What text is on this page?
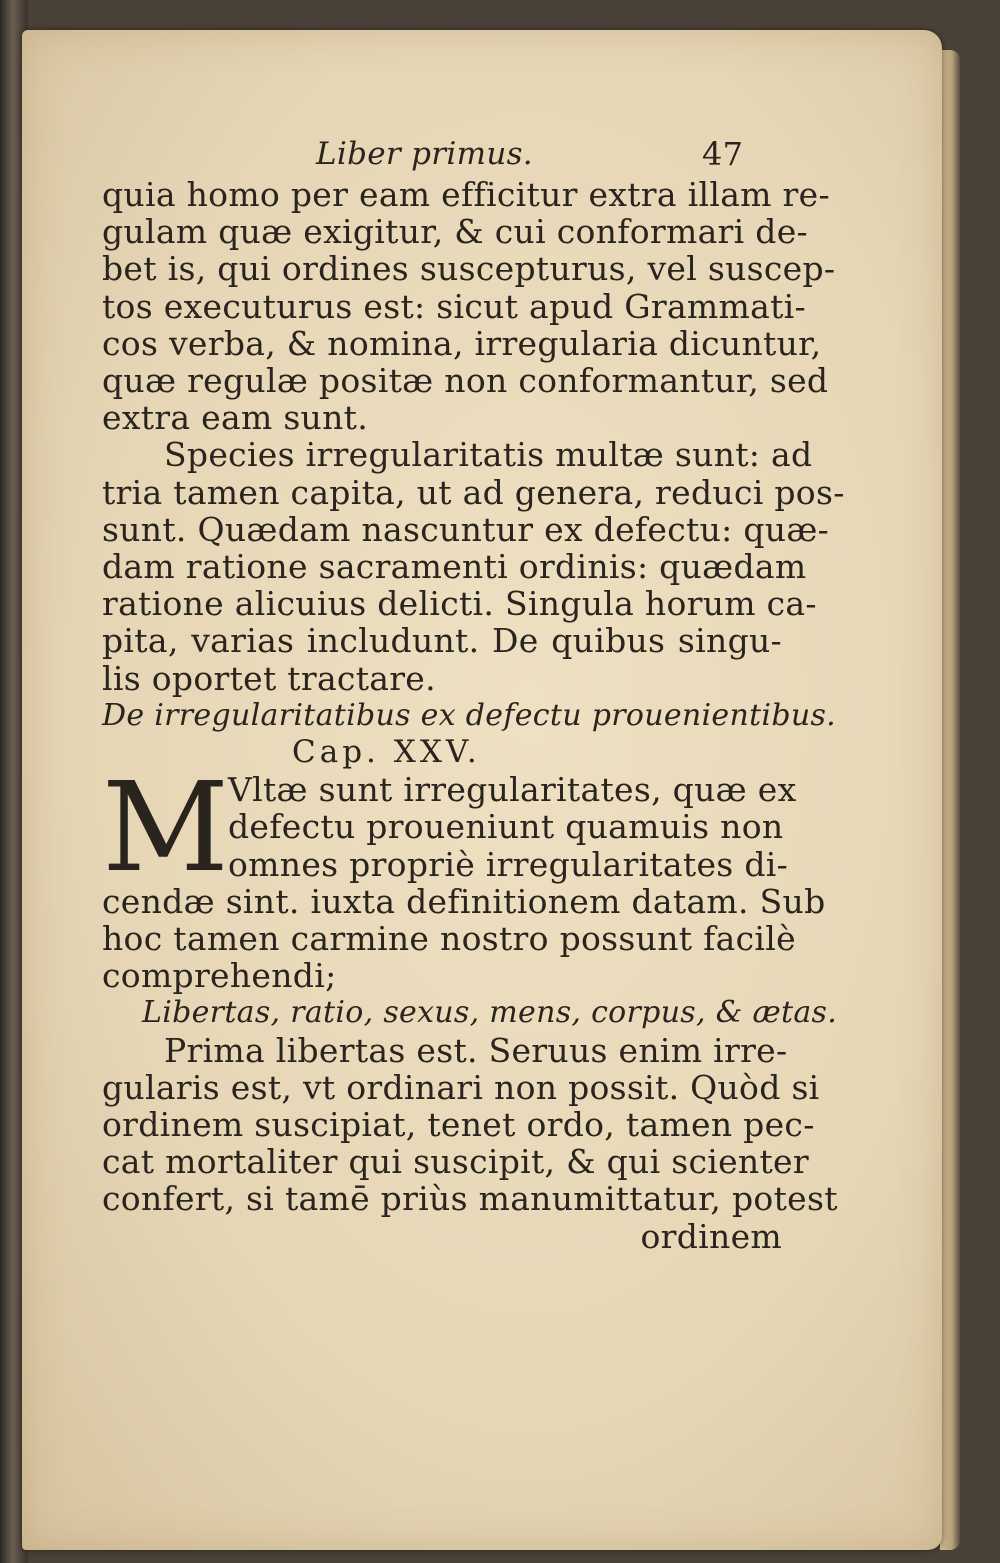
Liber primus.	47
quia homo per eam efficitur extra illam re-
gulam quæ exigitur, & cui conformari de-
bet is, qui ordines suscepturus, vel suscep-
tos executurus est: sicut apud Grammati-
cos verba, & nomina, irregularia dicuntur,
quæ regulæ positæ non conformantur, sed
extra eam sunt.
Species irregularitatis multæ sunt: ad
tria tamen capita, ut ad genera, reduci pos-
sunt. Quædam nascuntur ex defectu: quæ-
dam ratione sacramenti ordinis: quædam
ratione alicuius delicti. Singula horum ca-
pita, varias includunt. De quibus singu-
lis oportet tractare.
De irregularitatibus ex defectu prouenientibus.
Cap. XXV.
M
Vltæ sunt irregularitates, quæ ex
defectu proueniunt quamuis non
omnes propriè irregularitates di-
cendæ sint. iuxta definitionem datam. Sub
hoc tamen carmine nostro possunt facilè
comprehendi;
Libertas, ratio, sexus, mens, corpus, & ætas.
Prima libertas est. Seruus enim irre-
gularis est, vt ordinari non possit. Quòd si
ordinem suscipiat, tenet ordo, tamen pec-
cat mortaliter qui suscipit, & qui scienter
confert, si tamē priùs manumittatur, potest
ordinem
